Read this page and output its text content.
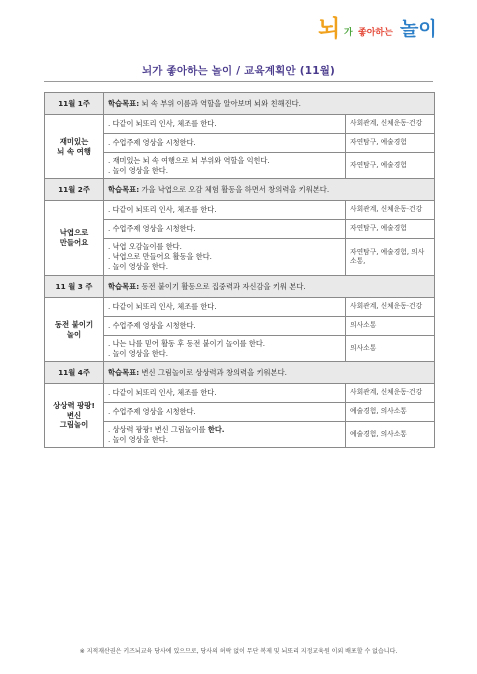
뇌 가 좋아하는 놀이
뇌가 좋아하는 놀이 / 교육계획안 (11월)
11월 1주	학습목표: 뇌 속 부위 이름과 역할을 알아보며 뇌와 친해진다.	

재미있는
뇌 속 여행	. 다같이 뇌또리 인사, 체조를 한다.	사회관계, 신체운동·건강

	. 수업주제 영상을 시청한다.	자연탐구, 예술경험

	. 재미있는 뇌 속 여행으로 뇌 부위와 역할을 익힌다.
. 놀이 영상을 한다.	자연탐구, 예술경험
11월 2주	학습목표: 가을 낙엽으로 오감 체험 활동을 하면서 창의력을 키워본다.	

낙엽으로
만들어요	. 다같이 뇌또리 인사, 체조를 한다.	사회관계, 신체운동·건강

	. 수업주제 영상을 시청한다.	자연탐구, 예술경험

	. 낙엽 오감놀이를 한다.
. 낙엽으로 만들어요 활동을 한다.
. 놀이 영상을 한다.	자연탐구, 예술경험, 의사소통,
11 월 3 주	학습목표: 동전 붙이기 활동으로 집중력과 자신감을 키워 본다.	

동전 붙이기
놀이	. 다같이 뇌또리 인사, 체조를 한다.	사회관계, 신체운동·건강

	. 수업주제 영상을 시청한다.	의사소통

	. 나는 나를 믿어 활동 후 동전 붙이기 놀이를 한다.
. 놀이 영상을 한다.	의사소통
11월 4주	학습목표: 변신 그림놀이로 상상력과 창의력을 키워본다.	

상상력 팡팡!
변신
그림놀이	. 다같이 뇌또리 인사, 체조를 한다.	사회관계, 신체운동·건강

	. 수업주제 영상을 시청한다.	예술경험, 의사소통

	. 상상력 팡팡! 변신 그림놀이를 한다.
. 놀이 영상을 한다.	예술경험, 의사소통
※ 지적재산권은 키즈뇌교육 당사에 있으므로, 당사의 허락 없이 무단 복제 및 뇌또리 지정교육원 이외 배포할 수 없습니다.
